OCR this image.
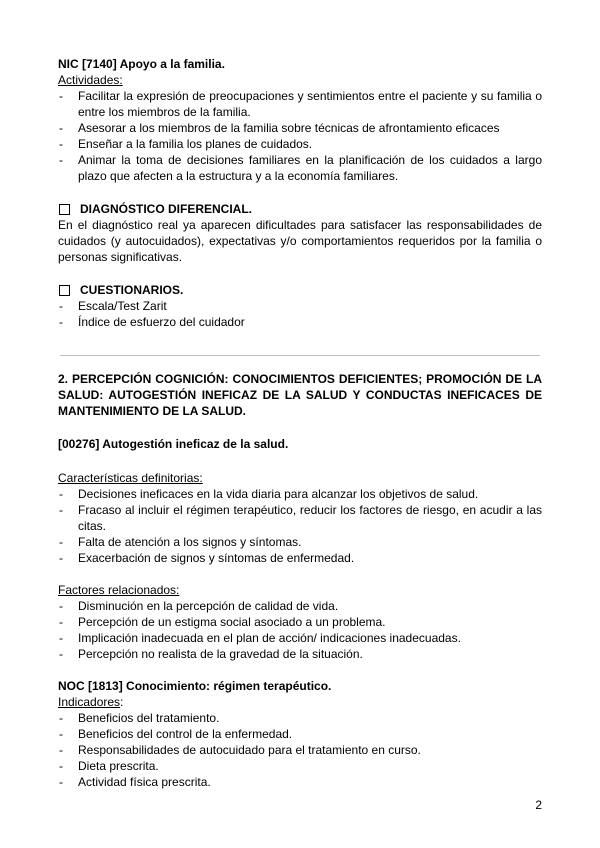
NIC [7140] Apoyo a la familia.

Actividades:

- Facilitar la expresión de preocupaciones y sentimientos entre el paciente y su familia o entre los miembros de la familia.
- Asesorar a los miembros de la familia sobre técnicas de afrontamiento eficaces
- Enseñar a la familia los planes de cuidados.
- Animar la toma de decisiones familiares en la planificación de los cuidados a largo plazo que afecten a la estructura y a la economía familiares.
DIAGNÓSTICO DIFERENCIAL.

En el diagnóstico real ya aparecen dificultades para satisfacer las responsabilidades de cuidados (y autocuidados), expectativas y/o comportamientos requeridos por la familia o personas significativas.

CUESTIONARIOS.
- Escala/Test Zarit
- Índice de esfuerzo del cuidador

2. PERCEPCIÓN COGNICIÓN: CONOCIMIENTOS DEFICIENTES; PROMOCIÓN DE LA SALUD: AUTOGESTIÓN INEFICAZ DE LA SALUD Y CONDUCTAS INEFICACES DE MANTENIMIENTO DE LA SALUD.

[00276] Autogestión ineficaz de la salud.

Características definitorias:

- Decisiones ineficaces en la vida diaria para alcanzar los objetivos de salud.
- Fracaso al incluir el régimen terapéutico, reducir los factores de riesgo, en acudir a las citas.
- Falta de atención a los signos y síntomas.
- Exacerbación de signos y síntomas de enfermedad.

Factores relacionados:

- Disminución en la percepción de calidad de vida.
- Percepción de un estigma social asociado a un problema.
- Implicación inadecuada en el plan de acción/ indicaciones inadecuadas.
- Percepción no realista de la gravedad de la situación.

NOC [1813] Conocimiento: régimen terapéutico.

Indicadores:

- Beneficios del tratamiento.
- Beneficios del control de la enfermedad.
- Responsabilidades de autocuidado para el tratamiento en curso.
- Dieta prescrita.
- Actividad física prescrita.
2
